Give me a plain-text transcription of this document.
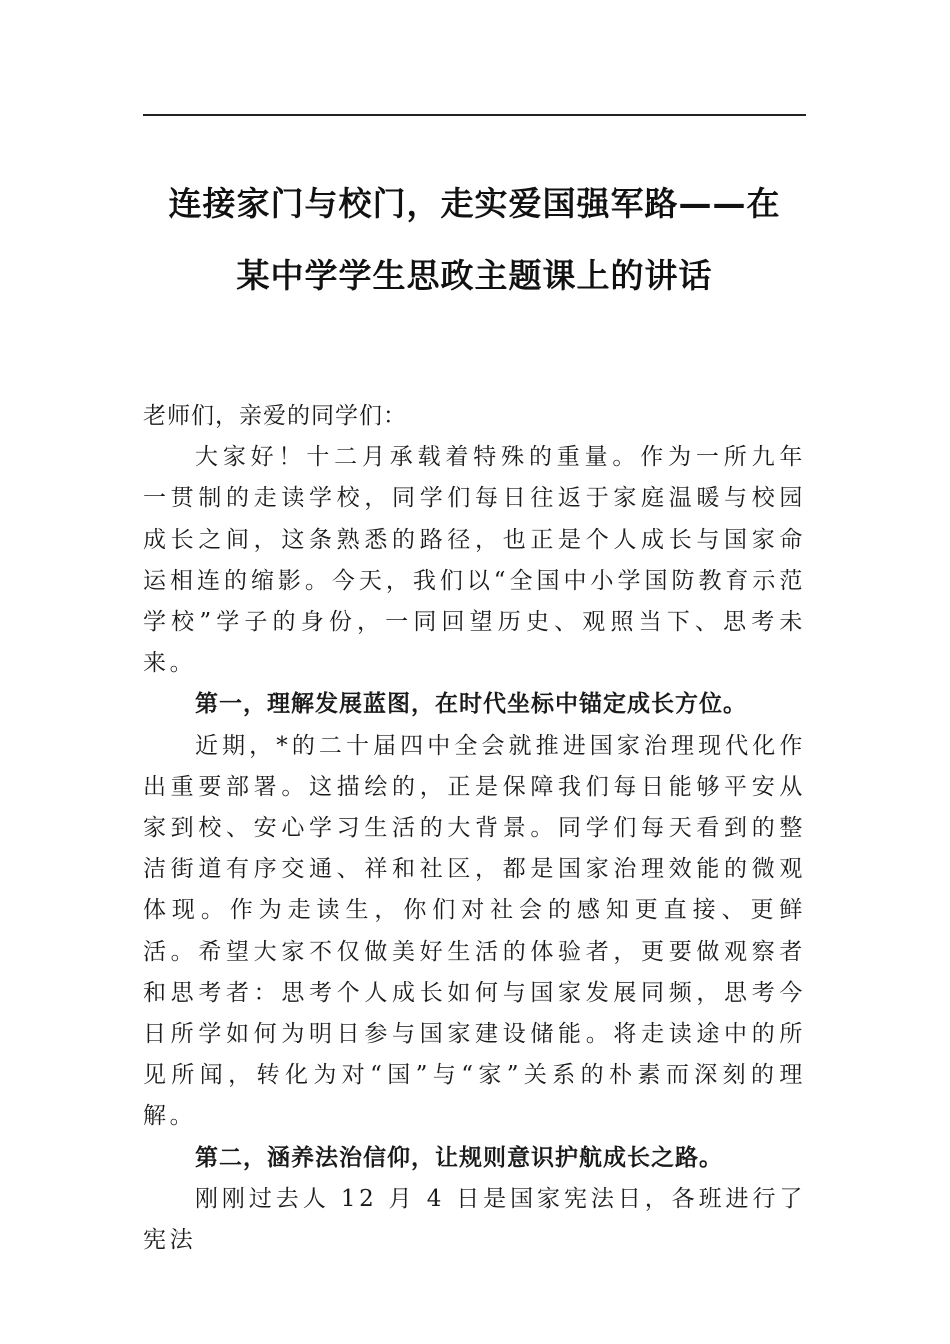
连接家门与校门，走实爱国强军路——在
某中学学生思政主题课上的讲话

老师们，亲爱的同学们：

大家好！十二月承载着特殊的重量。作为一所九年一贯制的走读学校，同学们每日往返于家庭温暖与校园成长之间，这条熟悉的路径，也正是个人成长与国家命运相连的缩影。今天，我们以“全国中小学国防教育示范学校”学子的身份，一同回望历史、观照当下、思考未来。

第一，理解发展蓝图，在时代坐标中锚定成长方位。

近期，*的二十届四中全会就推进国家治理现代化作出重要部署。这描绘的，正是保障我们每日能够平安从家到校、安心学习生活的大背景。同学们每天看到的整洁街道有序交通、祥和社区，都是国家治理效能的微观体现。作为走读生，你们对社会的感知更直接、更鲜活。希望大家不仅做美好生活的体验者，更要做观察者和思考者：思考个人成长如何与国家发展同频，思考今日所学如何为明日参与国家建设储能。将走读途中的所见所闻，转化为对“国”与“家”关系的朴素而深刻的理解。

第二，涵养法治信仰，让规则意识护航成长之路。

刚刚过去人 12 月 4 日是国家宪法日，各班进行了宪法
